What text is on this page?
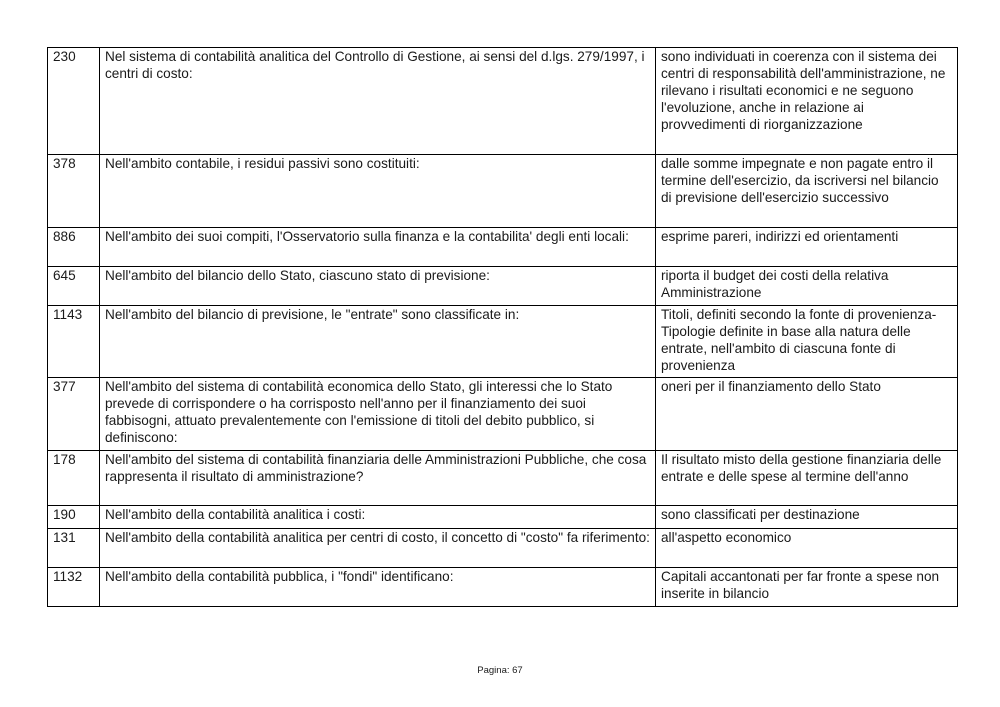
230	Nel sistema di contabilità analitica del Controllo di Gestione, ai sensi del d.lgs. 279/1997, i centri di costo:	sono individuati in coerenza con il sistema dei centri di responsabilità dell'amministrazione, ne rilevano i risultati economici e ne seguono l'evoluzione, anche in relazione ai provvedimenti di riorganizzazione
378	Nell'ambito contabile, i residui passivi sono costituiti:	dalle somme impegnate e non pagate entro il termine dell'esercizio, da iscriversi nel bilancio di previsione dell'esercizio successivo
886	Nell'ambito dei suoi compiti, l'Osservatorio sulla finanza e la contabilita' degli enti locali:	esprime pareri, indirizzi ed orientamenti
645	Nell'ambito del bilancio dello Stato, ciascuno stato di previsione:	riporta il budget dei costi della relativa Amministrazione
1143	Nell'ambito del bilancio di previsione, le "entrate" sono classificate in:	Titoli, definiti secondo la fonte di provenienza- Tipologie definite in base alla natura delle entrate, nell'ambito di ciascuna fonte di provenienza
377	Nell'ambito del sistema di contabilità economica dello Stato, gli interessi che lo Stato prevede di corrispondere o ha corrisposto nell'anno per il finanziamento dei suoi fabbisogni, attuato prevalentemente con l'emissione di titoli del debito pubblico, si definiscono:	oneri per il finanziamento dello Stato
178	Nell'ambito del sistema di contabilità finanziaria delle Amministrazioni Pubbliche, che cosa rappresenta il risultato di amministrazione?	Il risultato misto della gestione finanziaria delle entrate e delle spese al termine dell'anno
190	Nell'ambito della contabilità analitica i costi:	sono classificati per destinazione
131	Nell'ambito della contabilità analitica per centri di costo, il concetto di "costo" fa riferimento:	all'aspetto economico
1132	Nell'ambito della contabilità pubblica, i "fondi" identificano:	Capitali accantonati per far fronte a spese non inserite in bilancio
Pagina: 67
